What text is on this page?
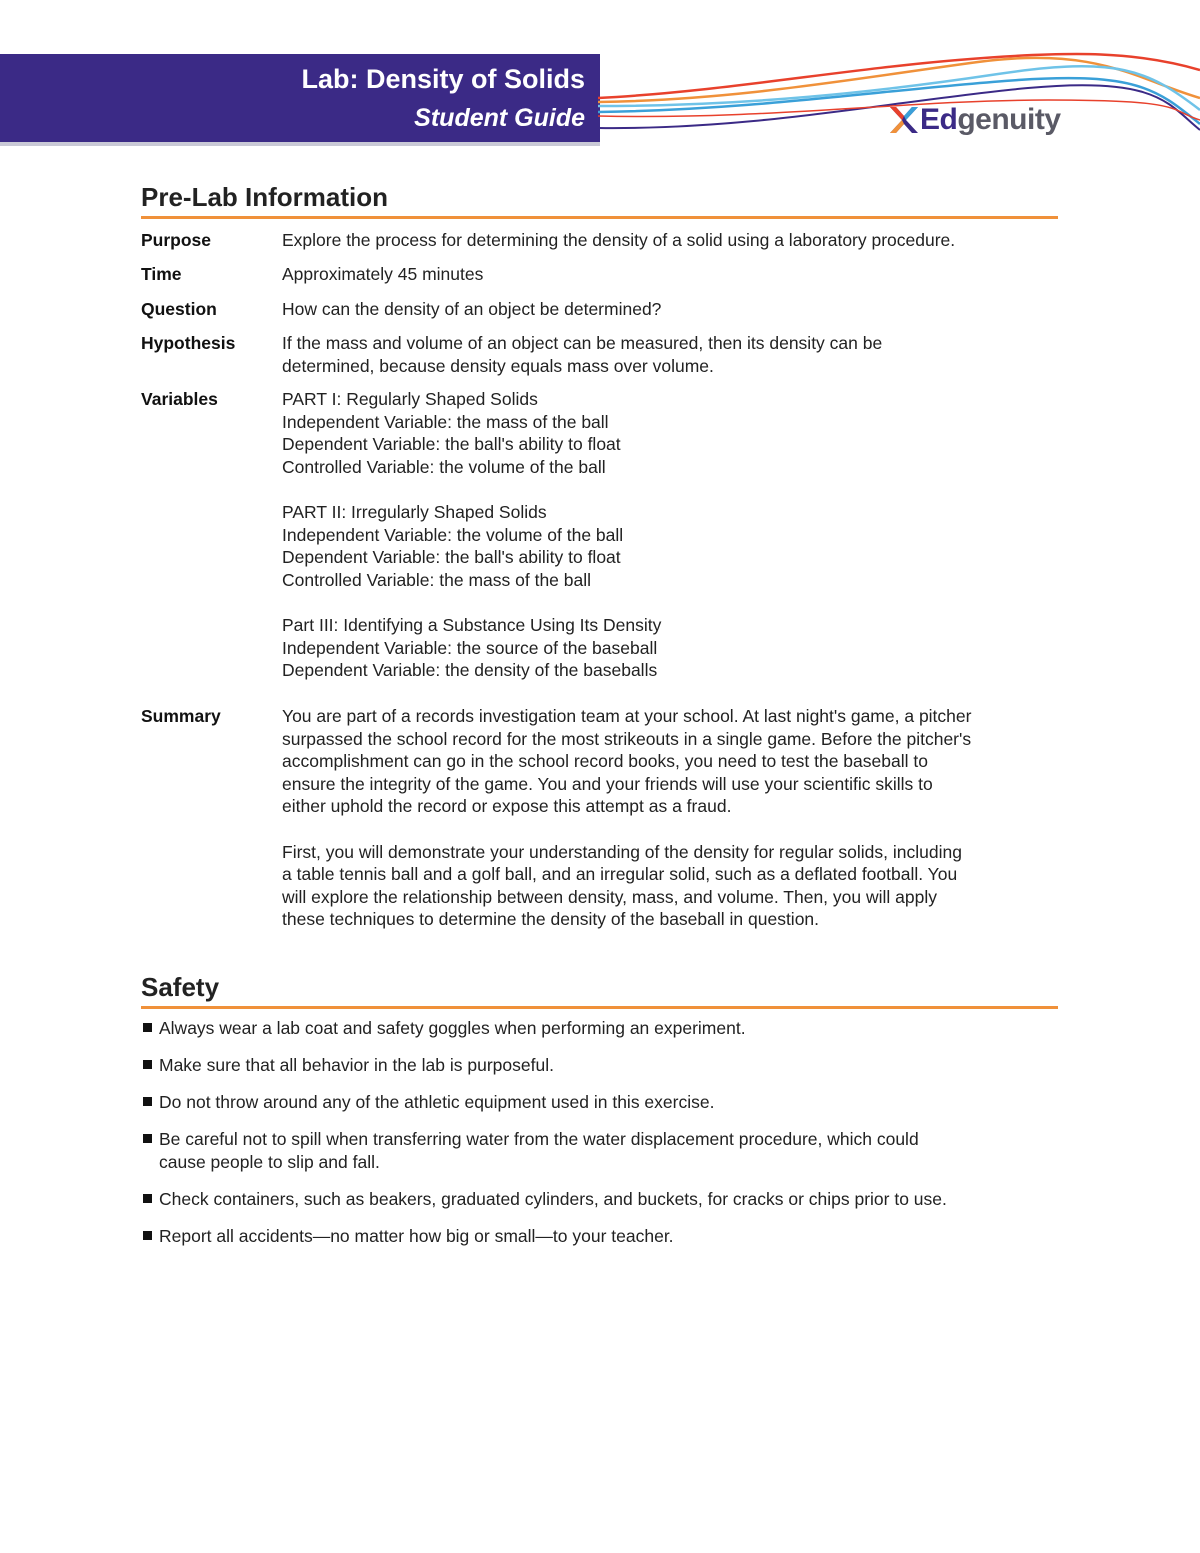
Lab: Density of Solids
Student Guide	Edgenuity
Pre-Lab Information
Purpose	Explore the process for determining the density of a solid using a laboratory procedure.
Time	Approximately 45 minutes
Question	How can the density of an object be determined?
Hypothesis	If the mass and volume of an object can be measured, then its density can be
determined, because density equals mass over volume.
Variables	PART I: Regularly Shaped Solids
Independent Variable: the mass of the ball
Dependent Variable: the ball's ability to float
Controlled Variable: the volume of the ball
PART II: Irregularly Shaped Solids
Independent Variable: the volume of the ball
Dependent Variable: the ball's ability to float
Controlled Variable: the mass of the ball
Part III: Identifying a Substance Using Its Density
Independent Variable: the source of the baseball
Dependent Variable: the density of the baseballs
Summary	You are part of a records investigation team at your school. At last night's game, a pitcher
surpassed the school record for the most strikeouts in a single game. Before the pitcher's
accomplishment can go in the school record books, you need to test the baseball to
ensure the integrity of the game. You and your friends will use your scientific skills to
either uphold the record or expose this attempt as a fraud.
First, you will demonstrate your understanding of the density for regular solids, including
a table tennis ball and a golf ball, and an irregular solid, such as a deflated football. You
will explore the relationship between density, mass, and volume. Then, you will apply
these techniques to determine the density of the baseball in question.
Safety
Always wear a lab coat and safety goggles when performing an experiment.
Make sure that all behavior in the lab is purposeful.
Do not throw around any of the athletic equipment used in this exercise.
Be careful not to spill when transferring water from the water displacement procedure, which could
cause people to slip and fall.
Check containers, such as beakers, graduated cylinders, and buckets, for cracks or chips prior to use.
Report all accidents—no matter how big or small—to your teacher.
